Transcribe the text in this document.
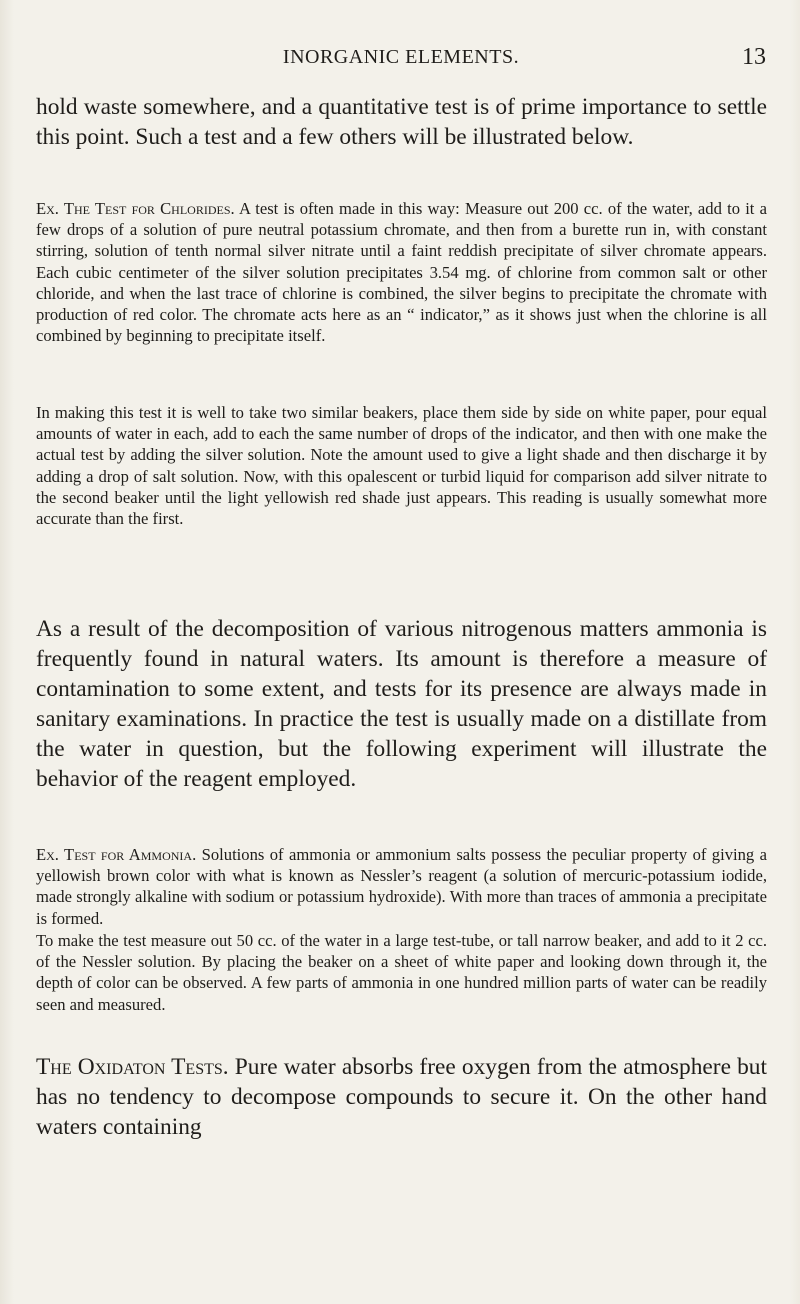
INORGANIC ELEMENTS.	13

hold waste somewhere, and a quantitative test is of prime importance to settle this point. Such a test and a few others will be illustrated below.

Ex. The Test for Chlorides. A test is often made in this way: Measure out 200 cc. of the water, add to it a few drops of a solution of pure neutral potassium chromate, and then from a burette run in, with constant stirring, solution of tenth normal silver nitrate until a faint reddish precipitate of silver chromate appears. Each cubic centimeter of the silver solution precipitates 3.54 mg. of chlorine from common salt or other chloride, and when the last trace of chlorine is combined, the silver begins to precipitate the chromate with production of red color. The chromate acts here as an “ indicator,” as it shows just when the chlorine is all combined by beginning to precipitate itself.

In making this test it is well to take two similar beakers, place them side by side on white paper, pour equal amounts of water in each, add to each the same number of drops of the indicator, and then with one make the actual test by adding the silver solution. Note the amount used to give a light shade and then discharge it by adding a drop of salt solution. Now, with this opalescent or turbid liquid for comparison add silver nitrate to the second beaker until the light yellowish red shade just appears. This reading is usually somewhat more accurate than the first.

As a result of the decomposition of various nitrogenous matters ammonia is frequently found in natural waters. Its amount is therefore a measure of contamination to some extent, and tests for its presence are always made in sanitary examinations. In practice the test is usually made on a distillate from the water in question, but the following experiment will illustrate the behavior of the reagent employed.

Ex. Test for Ammonia. Solutions of ammonia or ammonium salts possess the peculiar property of giving a yellowish brown color with what is known as Nessler’s reagent (a solution of mercuric-potassium iodide, made strongly alkaline with sodium or potassium hydroxide). With more than traces of ammonia a precipitate is formed.

To make the test measure out 50 cc. of the water in a large test-tube, or tall narrow beaker, and add to it 2 cc. of the Nessler solution. By placing the beaker on a sheet of white paper and looking down through it, the depth of color can be observed. A few parts of ammonia in one hundred million parts of water can be readily seen and measured.

The Oxidaton Tests. Pure water absorbs free oxygen from the atmosphere but has no tendency to decompose compounds to secure it. On the other hand waters containing
